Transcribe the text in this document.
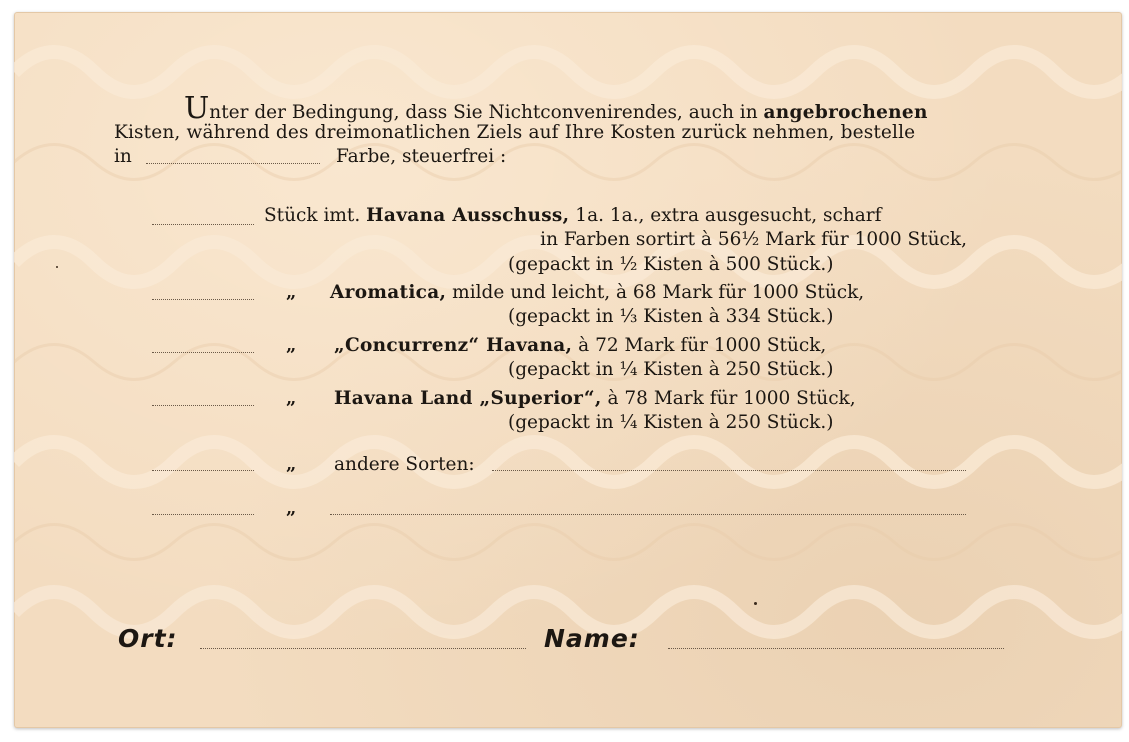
Unter der Bedingung, dass Sie Nichtconvenirendes, auch in angebrochenen
Kisten, während des dreimonatlichen Ziels auf Ihre Kosten zurück nehmen, bestelle
in	Farbe, steuerfrei :
Stück imt. Havana Ausschuss, 1a. 1a., extra ausgesucht, scharf
in Farben sortirt à 56½ Mark für 1000 Stück,
(gepackt in ½ Kisten à 500 Stück.)
„ Aromatica, milde und leicht, à 68 Mark für 1000 Stück,
(gepackt in ⅓ Kisten à 334 Stück.)
„ „Concurrenz“ Havana, à 72 Mark für 1000 Stück,
(gepackt in ¼ Kisten à 250 Stück.)
„ Havana Land „Superior“, à 78 Mark für 1000 Stück,
(gepackt in ¼ Kisten à 250 Stück.)
„ andere Sorten:
„
Ort:	Name:
